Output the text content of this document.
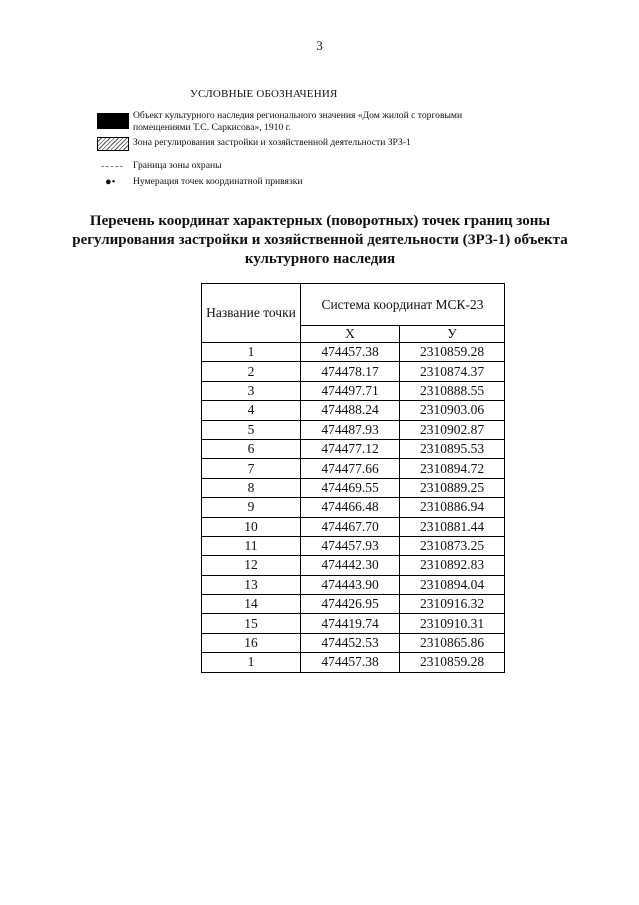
3
УСЛОВНЫЕ ОБОЗНАЧЕНИЯ
Объект культурного наследия регионального значения «Дом жилой с торговыми помещениями Т.С. Саркисова», 1910 г.
Зона регулирования застройки и хозяйственной деятельности ЗРЗ-1
Граница зоны охраны
●• Нумерация точек координатной привязки
Перечень координат характерных (поворотных) точек границ зоны регулирования застройки и хозяйственной деятельности (ЗРЗ-1) объекта культурного наследия
Название точки	Система координат МСК-23	
	Х	У
1	474457.38	2310859.28
2	474478.17	2310874.37
3	474497.71	2310888.55
4	474488.24	2310903.06
5	474487.93	2310902.87
6	474477.12	2310895.53
7	474477.66	2310894.72
8	474469.55	2310889.25
9	474466.48	2310886.94
10	474467.70	2310881.44
11	474457.93	2310873.25
12	474442.30	2310892.83
13	474443.90	2310894.04
14	474426.95	2310916.32
15	474419.74	2310910.31
16	474452.53	2310865.86
1	474457.38	2310859.28
